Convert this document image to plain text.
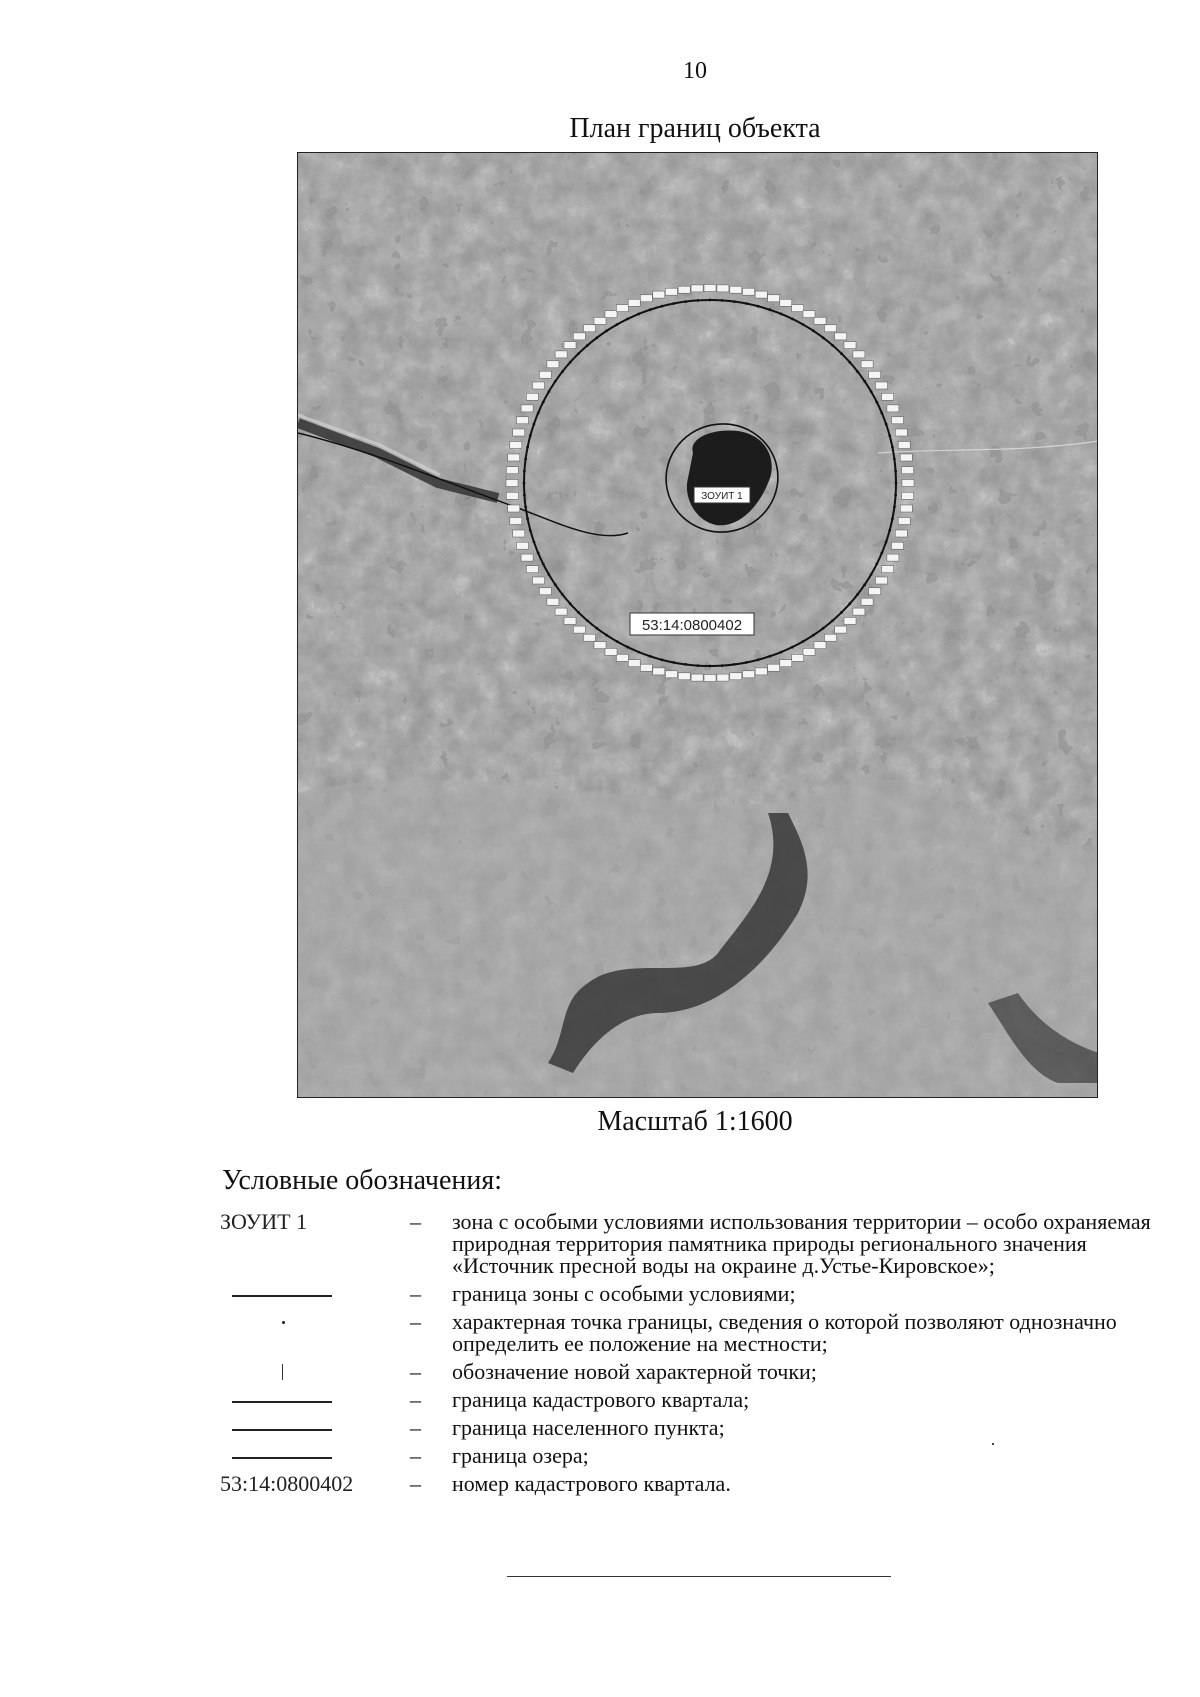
10
План границ объекта
ЗОУИТ 1
53:14:0800402
Масштаб 1:1600
Условные обозначения:
ЗОУИТ 1	–	зона с особыми условиями использования территории – особо охраняемая природная территория памятника природы регионального значения «Источник пресной воды на окраине д.Устье-Кировское»;
–	граница зоны с особыми условиями;
–	характерная точка границы, сведения о которой позволяют однозначно определить ее положение на местности;
–	обозначение новой характерной точки;
–	граница кадастрового квартала;
–	граница населенного пункта;
–	граница озера;
53:14:0800402	–	номер кадастрового квартала.
